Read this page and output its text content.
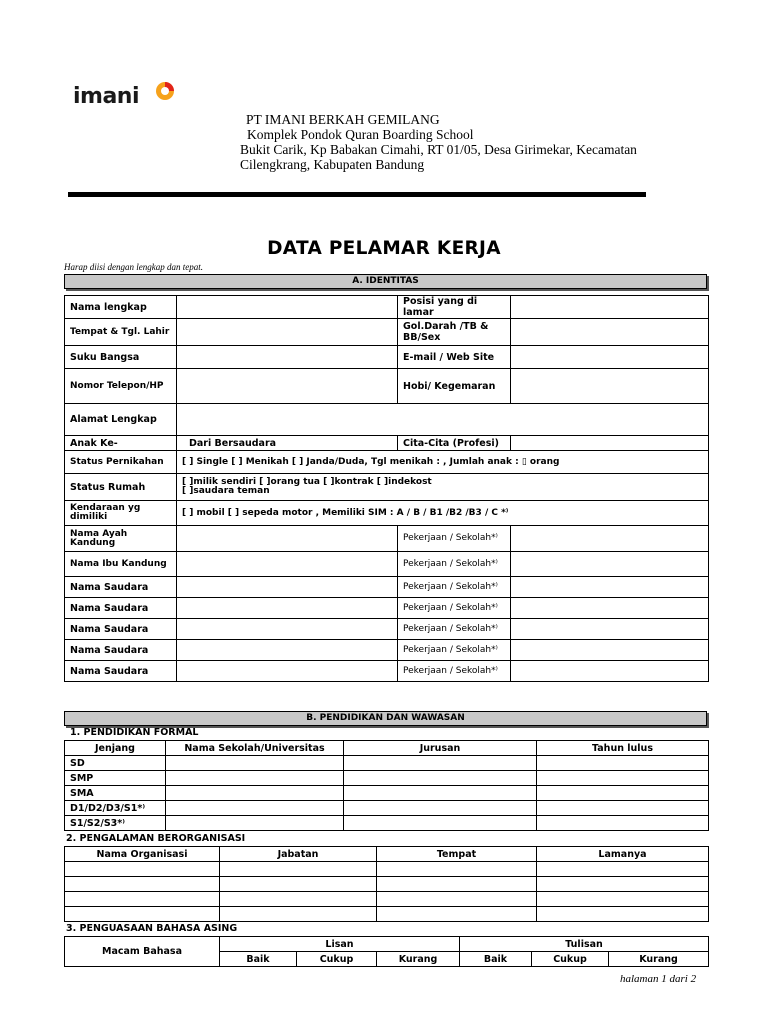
imani
PT IMANI BERKAH GEMILANG
Komplek Pondok Quran Boarding School
Bukit Carik, Kp Babakan Cimahi, RT 01/05, Desa Girimekar, Kecamatan
Cilengkrang, Kabupaten Bandung
DATA PELAMAR KERJA
Harap diisi dengan lengkap dan tepat.
A. IDENTITAS
Nama lengkap		Posisi yang di lamar	
Tempat & Tgl. Lahir		Gol.Darah /TB & BB/Sex	
Suku Bangsa		E-mail / Web Site	
Nomor Telepon/HP		Hobi/ Kegemaran	
Alamat Lengkap			
Anak Ke-	Dari Bersaudara	Cita-Cita (Profesi)	
Status Pernikahan	[ ] Single [ ] Menikah [ ] Janda/Duda, Tgl menikah : , Jumlah anak : ▯ orang		
Status Rumah	[ ]milik sendiri [ ]orang tua [ ]kontrak [ ]indekost
[ ]saudara teman		
Kendaraan yg dimiliki	[ ] mobil [ ] sepeda motor , Memiliki SIM : A / B / B1 /B2 /B3 / C *⁾		
Nama Ayah Kandung		Pekerjaan / Sekolah*⁾	
Nama Ibu Kandung		Pekerjaan / Sekolah*⁾	
Nama Saudara		Pekerjaan / Sekolah*⁾	
Nama Saudara		Pekerjaan / Sekolah*⁾	
Nama Saudara		Pekerjaan / Sekolah*⁾	
Nama Saudara		Pekerjaan / Sekolah*⁾	
Nama Saudara		Pekerjaan / Sekolah*⁾	
B. PENDIDIKAN DAN WAWASAN
1. PENDIDIKAN FORMAL
Jenjang	Nama Sekolah/Universitas	Jurusan	Tahun lulus
SD			
SMP			
SMA			
D1/D2/D3/S1*⁾			
S1/S2/S3*⁾			
2. PENGALAMAN BERORGANISASI
Nama Organisasi	Jabatan	Tempat	Lamanya

3. PENGUASAAN BAHASA ASING
Macam Bahasa	Lisan			Tulisan		
	Baik	Cukup	Kurang	Baik	Cukup	Kurang
halaman 1 dari 2
